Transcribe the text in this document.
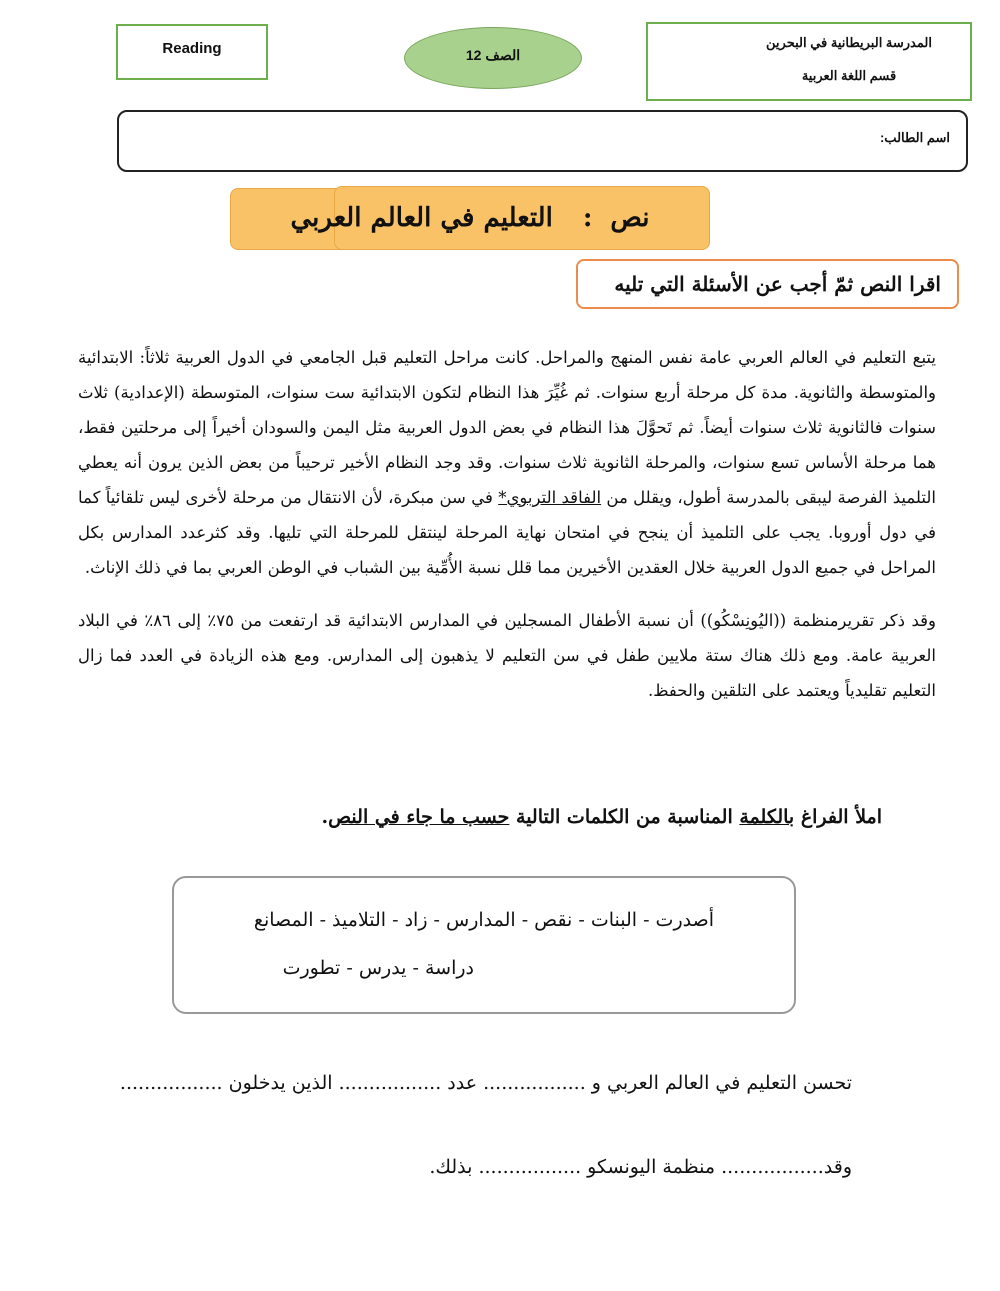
Reading	الصف 12
المدرسة البريطانية في البحرين
قسم اللغة العربية
اسم الطالب:
نص
:
التعليم في العالم العربي
اقرا النص ثمّ أجب عن الأسئلة التي تليه

يتبع التعليم في العالم العربي عامة نفس المنهج والمراحل. كانت مراحل التعليم قبل الجامعي في الدول العربية ثلاثاً: الابتدائية والمتوسطة والثانوية. مدة كل مرحلة أربع سنوات. ثم غُيِّرَ هذا النظام لتكون الابتدائية ست سنوات، المتوسطة (الإعدادية) ثلاث سنوات فالثانوية ثلاث سنوات أيضاً. ثم تَحوَّلَ هذا النظام في بعض الدول العربية مثل اليمن والسودان أخيراً إلى مرحلتين فقط، هما مرحلة الأساس تسع سنوات، والمرحلة الثانوية ثلاث سنوات. وقد وجد النظام الأخير ترحيباً من بعض الذين يرون أنه يعطي التلميذ الفرصة ليبقى بالمدرسة أطول، ويقلل من الفاقد التربوي* في سن مبكرة، لأن الانتقال من مرحلة لأخرى ليس تلقائياً كما في دول أوروبا. يجب على التلميذ أن ينجح في امتحان نهاية المرحلة لينتقل للمرحلة التي تليها. وقد كثرعدد المدارس بكل المراحل في جميع الدول العربية خلال العقدين الأخيرين مما قلل نسبة الأُمِّية بين الشباب في الوطن العربي بما في ذلك الإناث.

وقد ذكر تقريرمنظمة ((اليُونِسْكُو)) أن نسبة الأطفال المسجلين في المدارس الابتدائية قد ارتفعت من ٧٥٪ إلى ٨٦٪ في البلاد العربية عامة. ومع ذلك هناك ستة ملايين طفل في سن التعليم لا يذهبون إلى المدارس. ومع هذه الزيادة في العدد فما زال التعليم تقليدياً ويعتمد على التلقين والحفظ.

املأ الفراغ بالكلمة المناسبة من الكلمات التالية حسب ما جاء في النص.
أصدرت - البنات - نقص - المدارس - زاد - التلاميذ - المصانع
دراسة - يدرس - تطورت
تحسن التعليم في العالم العربي و ................. عدد ................. الذين يدخلون .................
وقد................. منظمة اليونسكو ................. بذلك.
